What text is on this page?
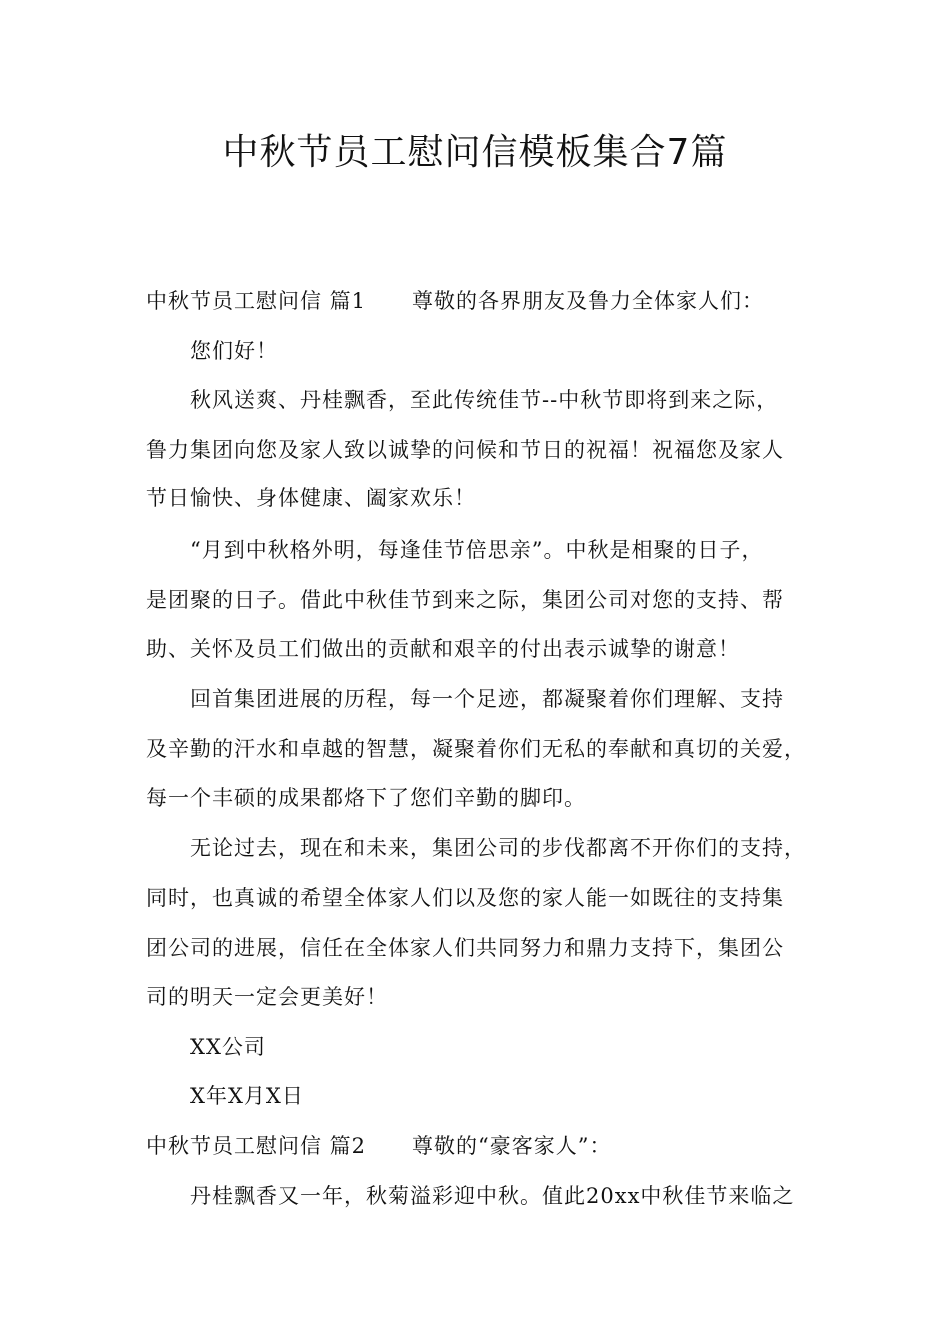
中秋节员工慰问信模板集合7篇
中秋节员工慰问信 篇1 尊敬的各界朋友及鲁力全体家人们：
您们好！
秋风送爽、丹桂飘香，至此传统佳节--中秋节即将到来之际，
鲁力集团向您及家人致以诚挚的问候和节日的祝福！祝福您及家人
节日愉快、身体健康、阖家欢乐！
“月到中秋格外明，每逢佳节倍思亲”。中秋是相聚的日子，
是团聚的日子。借此中秋佳节到来之际，集团公司对您的支持、帮
助、关怀及员工们做出的贡献和艰辛的付出表示诚挚的谢意！
回首集团进展的历程，每一个足迹，都凝聚着你们理解、支持
及辛勤的汗水和卓越的智慧，凝聚着你们无私的奉献和真切的关爱，
每一个丰硕的成果都烙下了您们辛勤的脚印。
无论过去，现在和未来，集团公司的步伐都离不开你们的支持，
同时，也真诚的希望全体家人们以及您的家人能一如既往的支持集
团公司的进展，信任在全体家人们共同努力和鼎力支持下，集团公
司的明天一定会更美好！
XX公司
X年X月X日
中秋节员工慰问信 篇2 尊敬的“豪客家人”：
丹桂飘香又一年，秋菊溢彩迎中秋。值此20xx中秋佳节来临之
